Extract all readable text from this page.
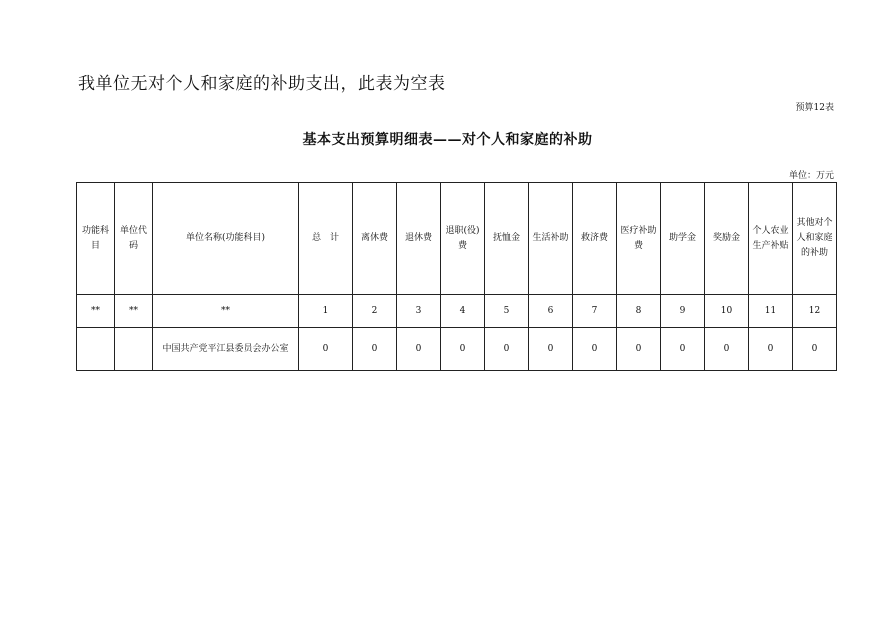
我单位无对个人和家庭的补助支出，此表为空表
预算12表
基本支出预算明细表——对个人和家庭的补助
单位：万元
功能科目	单位代码	单位名称(功能科目)	总　计	离休费	退休费	退职(役)费	抚恤金	生活补助	救济费	医疗补助费	助学金	奖励金	个人农业生产补贴	其他对个人和家庭的补助
**	**	**	1	2	3	4	5	6	7	8	9	10	11	12
		中国共产党平江县委员会办公室	0	0	0	0	0	0	0	0	0	0	0	0
